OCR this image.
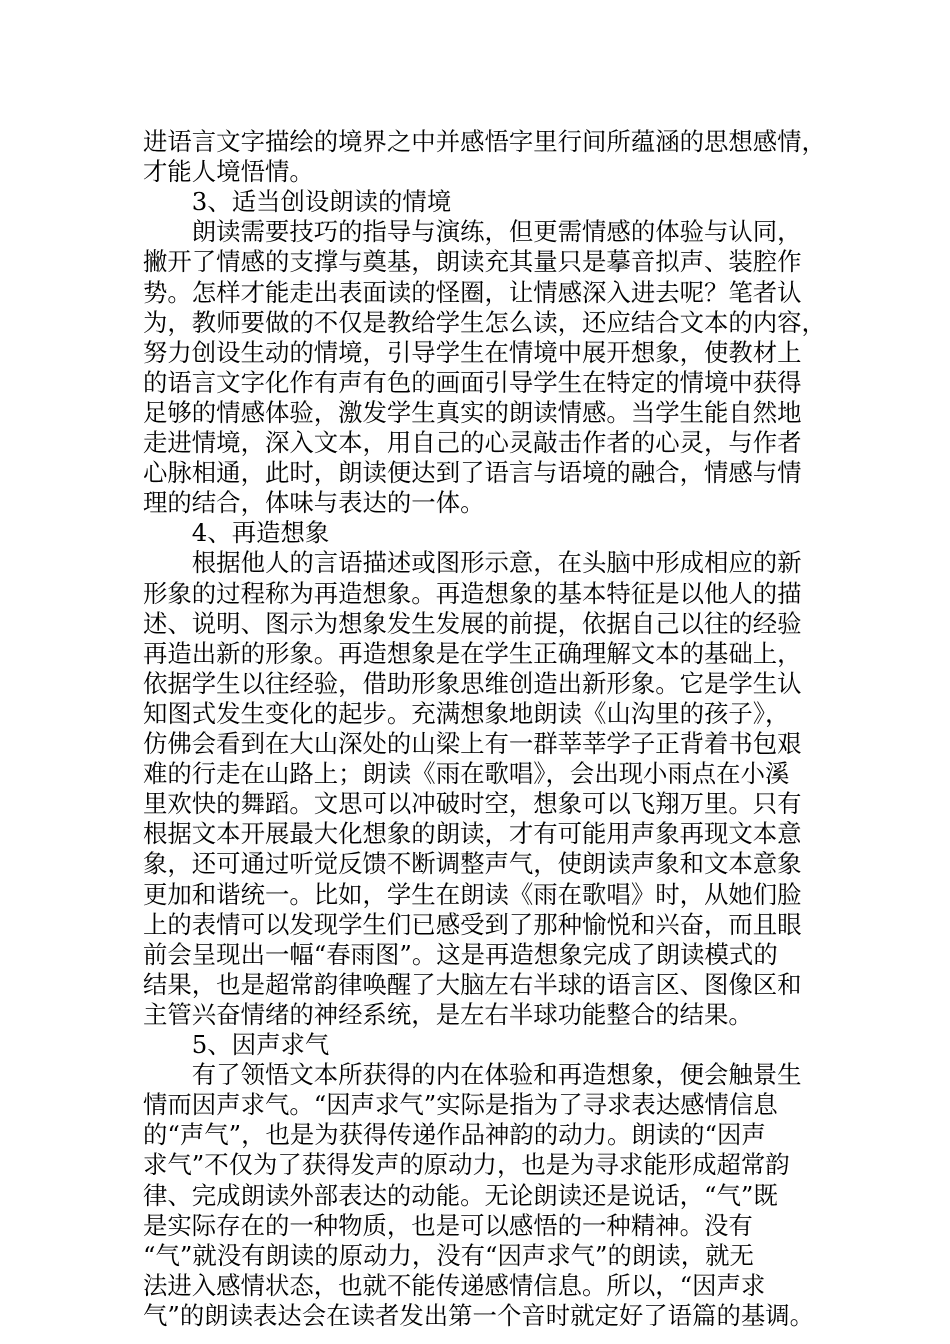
进语言文字描绘的境界之中并感悟字里行间所蕴涵的思想感情，

才能人境悟情。

　　3、适当创设朗读的情境

　　朗读需要技巧的指导与演练，但更需情感的体验与认同，

撇开了情感的支撑与奠基，朗读充其量只是摹音拟声、装腔作

势。怎样才能走出表面读的怪圈，让情感深入进去呢？笔者认

为，教师要做的不仅是教给学生怎么读，还应结合文本的内容，

努力创设生动的情境，引导学生在情境中展开想象，使教材上

的语言文字化作有声有色的画面引导学生在特定的情境中获得

足够的情感体验，激发学生真实的朗读情感。当学生能自然地

走进情境，深入文本，用自己的心灵敲击作者的心灵，与作者

心脉相通，此时，朗读便达到了语言与语境的融合，情感与情

理的结合，体味与表达的一体。

　　4、再造想象

　　根据他人的言语描述或图形示意，在头脑中形成相应的新

形象的过程称为再造想象。再造想象的基本特征是以他人的描

述、说明、图示为想象发生发展的前提，依据自己以往的经验

再造出新的形象。再造想象是在学生正确理解文本的基础上，

依据学生以往经验，借助形象思维创造出新形象。它是学生认

知图式发生变化的起步。充满想象地朗读《山沟里的孩子》，

仿佛会看到在大山深处的山梁上有一群莘莘学子正背着书包艰

难的行走在山路上；朗读《雨在歌唱》，会出现小雨点在小溪

里欢快的舞蹈。文思可以冲破时空，想象可以飞翔万里。只有

根据文本开展最大化想象的朗读，才有可能用声象再现文本意

象，还可通过听觉反馈不断调整声气，使朗读声象和文本意象

更加和谐统一。比如，学生在朗读《雨在歌唱》时，从她们脸

上的表情可以发现学生们已感受到了那种愉悦和兴奋，而且眼

前会呈现出一幅“春雨图”。这是再造想象完成了朗读模式的

结果，也是超常韵律唤醒了大脑左右半球的语言区、图像区和

主管兴奋情绪的神经系统，是左右半球功能整合的结果。

　　5、因声求气

　　有了领悟文本所获得的内在体验和再造想象，便会触景生

情而因声求气。“因声求气”实际是指为了寻求表达感情信息

的“声气”，也是为获得传递作品神韵的动力。朗读的“因声

求气”不仅为了获得发声的原动力，也是为寻求能形成超常韵

律、完成朗读外部表达的动能。无论朗读还是说话，“气”既

是实际存在的一种物质，也是可以感悟的一种精神。没有

“气”就没有朗读的原动力，没有“因声求气”的朗读，就无

法进入感情状态，也就不能传递感情信息。所以，“因声求

气”的朗读表达会在读者发出第一个音时就定好了语篇的基调。
